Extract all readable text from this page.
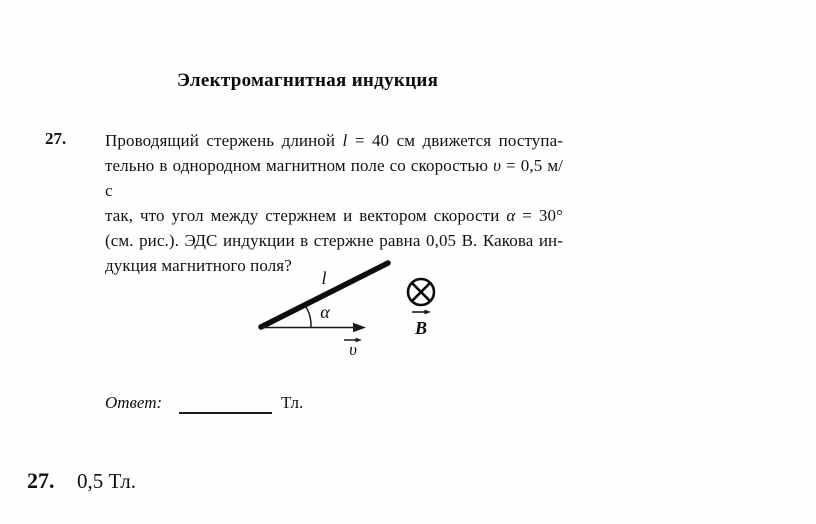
Электромагнитная индукция
27. Проводящий стержень длиной l = 40 см движется поступа-
тельно в однородном магнитном поле со скоростью υ = 0,5 м/с
так, что угол между стержнем и вектором скорости α = 30°
(см. рис.). ЭДС индукции в стержне равна 0,05 В. Какова ин-
дукция магнитного поля?
l
α
υ
B
Ответ:	Тл.
27. 0,5 Тл.
